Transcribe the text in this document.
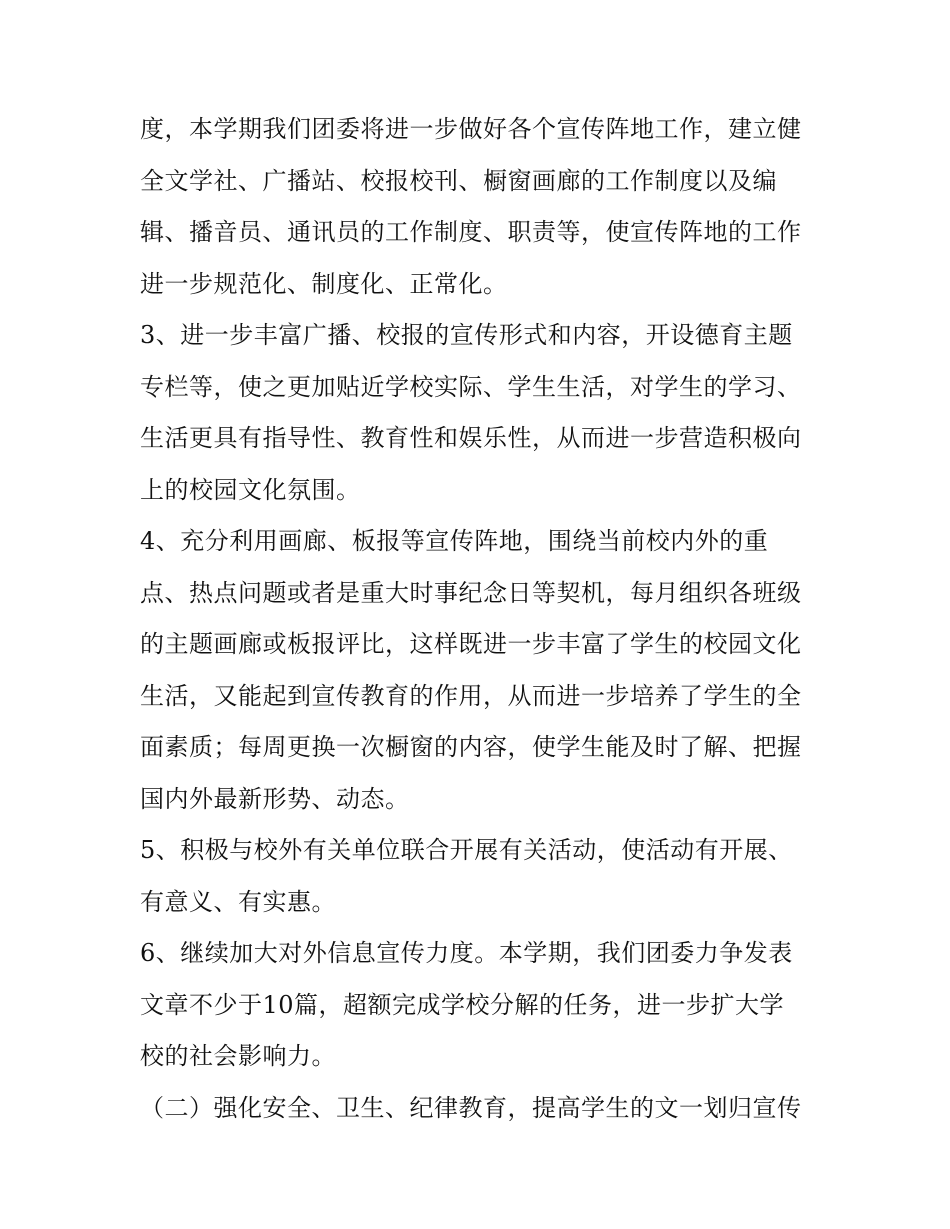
度，本学期我们团委将进一步做好各个宣传阵地工作，建立健
全文学社、广播站、校报校刊、橱窗画廊的工作制度以及编
辑、播音员、通讯员的工作制度、职责等，使宣传阵地的工作
进一步规范化、制度化、正常化。
3、进一步丰富广播、校报的宣传形式和内容，开设德育主题
专栏等，使之更加贴近学校实际、学生生活，对学生的学习、
生活更具有指导性、教育性和娱乐性，从而进一步营造积极向
上的校园文化氛围。
4、充分利用画廊、板报等宣传阵地，围绕当前校内外的重
点、热点问题或者是重大时事纪念日等契机，每月组织各班级
的主题画廊或板报评比，这样既进一步丰富了学生的校园文化
生活，又能起到宣传教育的作用，从而进一步培养了学生的全
面素质；每周更换一次橱窗的内容，使学生能及时了解、把握
国内外最新形势、动态。
5、积极与校外有关单位联合开展有关活动，使活动有开展、
有意义、有实惠。
6、继续加大对外信息宣传力度。本学期，我们团委力争发表
文章不少于10篇，超额完成学校分解的任务，进一步扩大学
校的社会影响力。
（二）强化安全、卫生、纪律教育，提高学生的文一划归宣传
